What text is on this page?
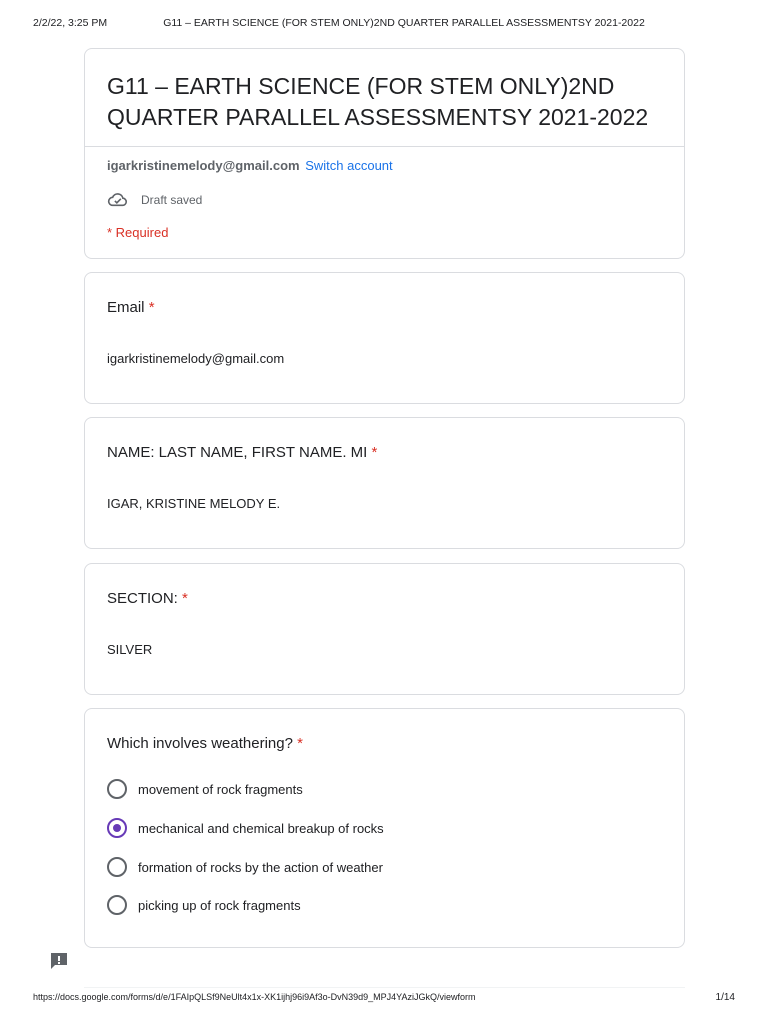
2/2/22, 3:25 PM	G11 – EARTH SCIENCE (FOR STEM ONLY)2ND QUARTER PARALLEL ASSESSMENTSY 2021-2022
G11 – EARTH SCIENCE (FOR STEM ONLY)2ND QUARTER PARALLEL ASSESSMENTSY 2021-2022
igarkristinemelody@gmail.com Switch account
Draft saved
* Required
Email *
igarkristinemelody@gmail.com
NAME: LAST NAME, FIRST NAME. MI *
IGAR, KRISTINE MELODY E.
SECTION: *
SILVER
Which involves weathering? *
movement of rock fragments
mechanical and chemical breakup of rocks
formation of rocks by the action of weather
picking up of rock fragments
https://docs.google.com/forms/d/e/1FAIpQLSf9NeUlt4x1x-XK1ijhj96i9Af3o-DvN39d9_MPJ4YAziJGkQ/viewform	1/14
